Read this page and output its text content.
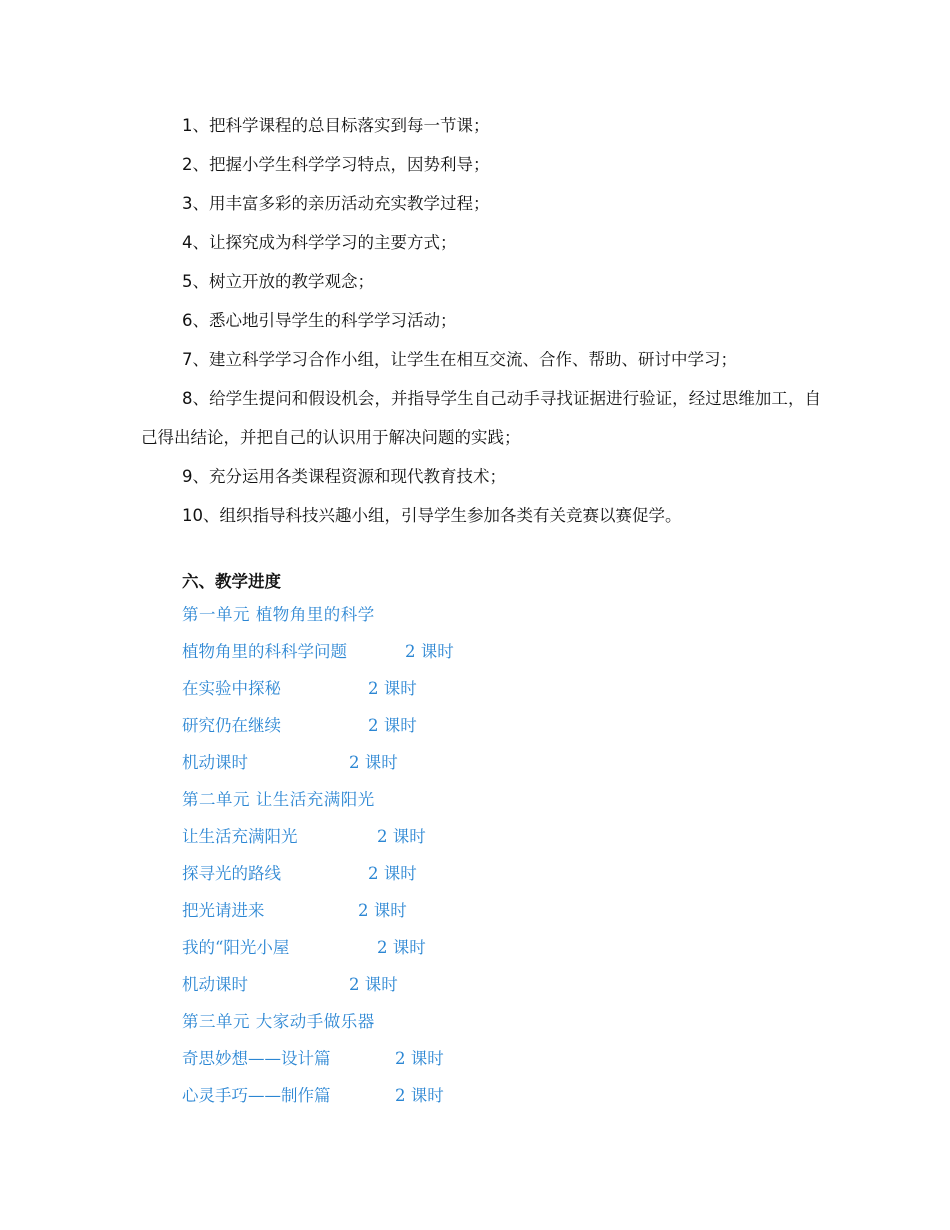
1、把科学课程的总目标落实到每一节课；
2、把握小学生科学学习特点，因势利导；
3、用丰富多彩的亲历活动充实教学过程；
4、让探究成为科学学习的主要方式；
5、树立开放的教学观念；
6、悉心地引导学生的科学学习活动；
7、建立科学学习合作小组，让学生在相互交流、合作、帮助、研讨中学习；
8、给学生提问和假设机会，并指导学生自己动手寻找证据进行验证，经过思维加工，自己得出结论，并把自己的认识用于解决问题的实践；
9、充分运用各类课程资源和现代教育技术；
10、组织指导科技兴趣小组，引导学生参加各类有关竞赛以赛促学。
六、教学进度
第一单元 植物角里的科学
植物角里的科科学问题	2 课时
在实验中探秘	2 课时
研究仍在继续	2 课时
机动课时	2 课时
第二单元 让生活充满阳光
让生活充满阳光	2 课时
探寻光的路线	2 课时
把光请进来	2 课时
我的“阳光小屋	2 课时
机动课时	2 课时
第三单元 大家动手做乐器
奇思妙想——设计篇	2 课时
心灵手巧——制作篇	2 课时
